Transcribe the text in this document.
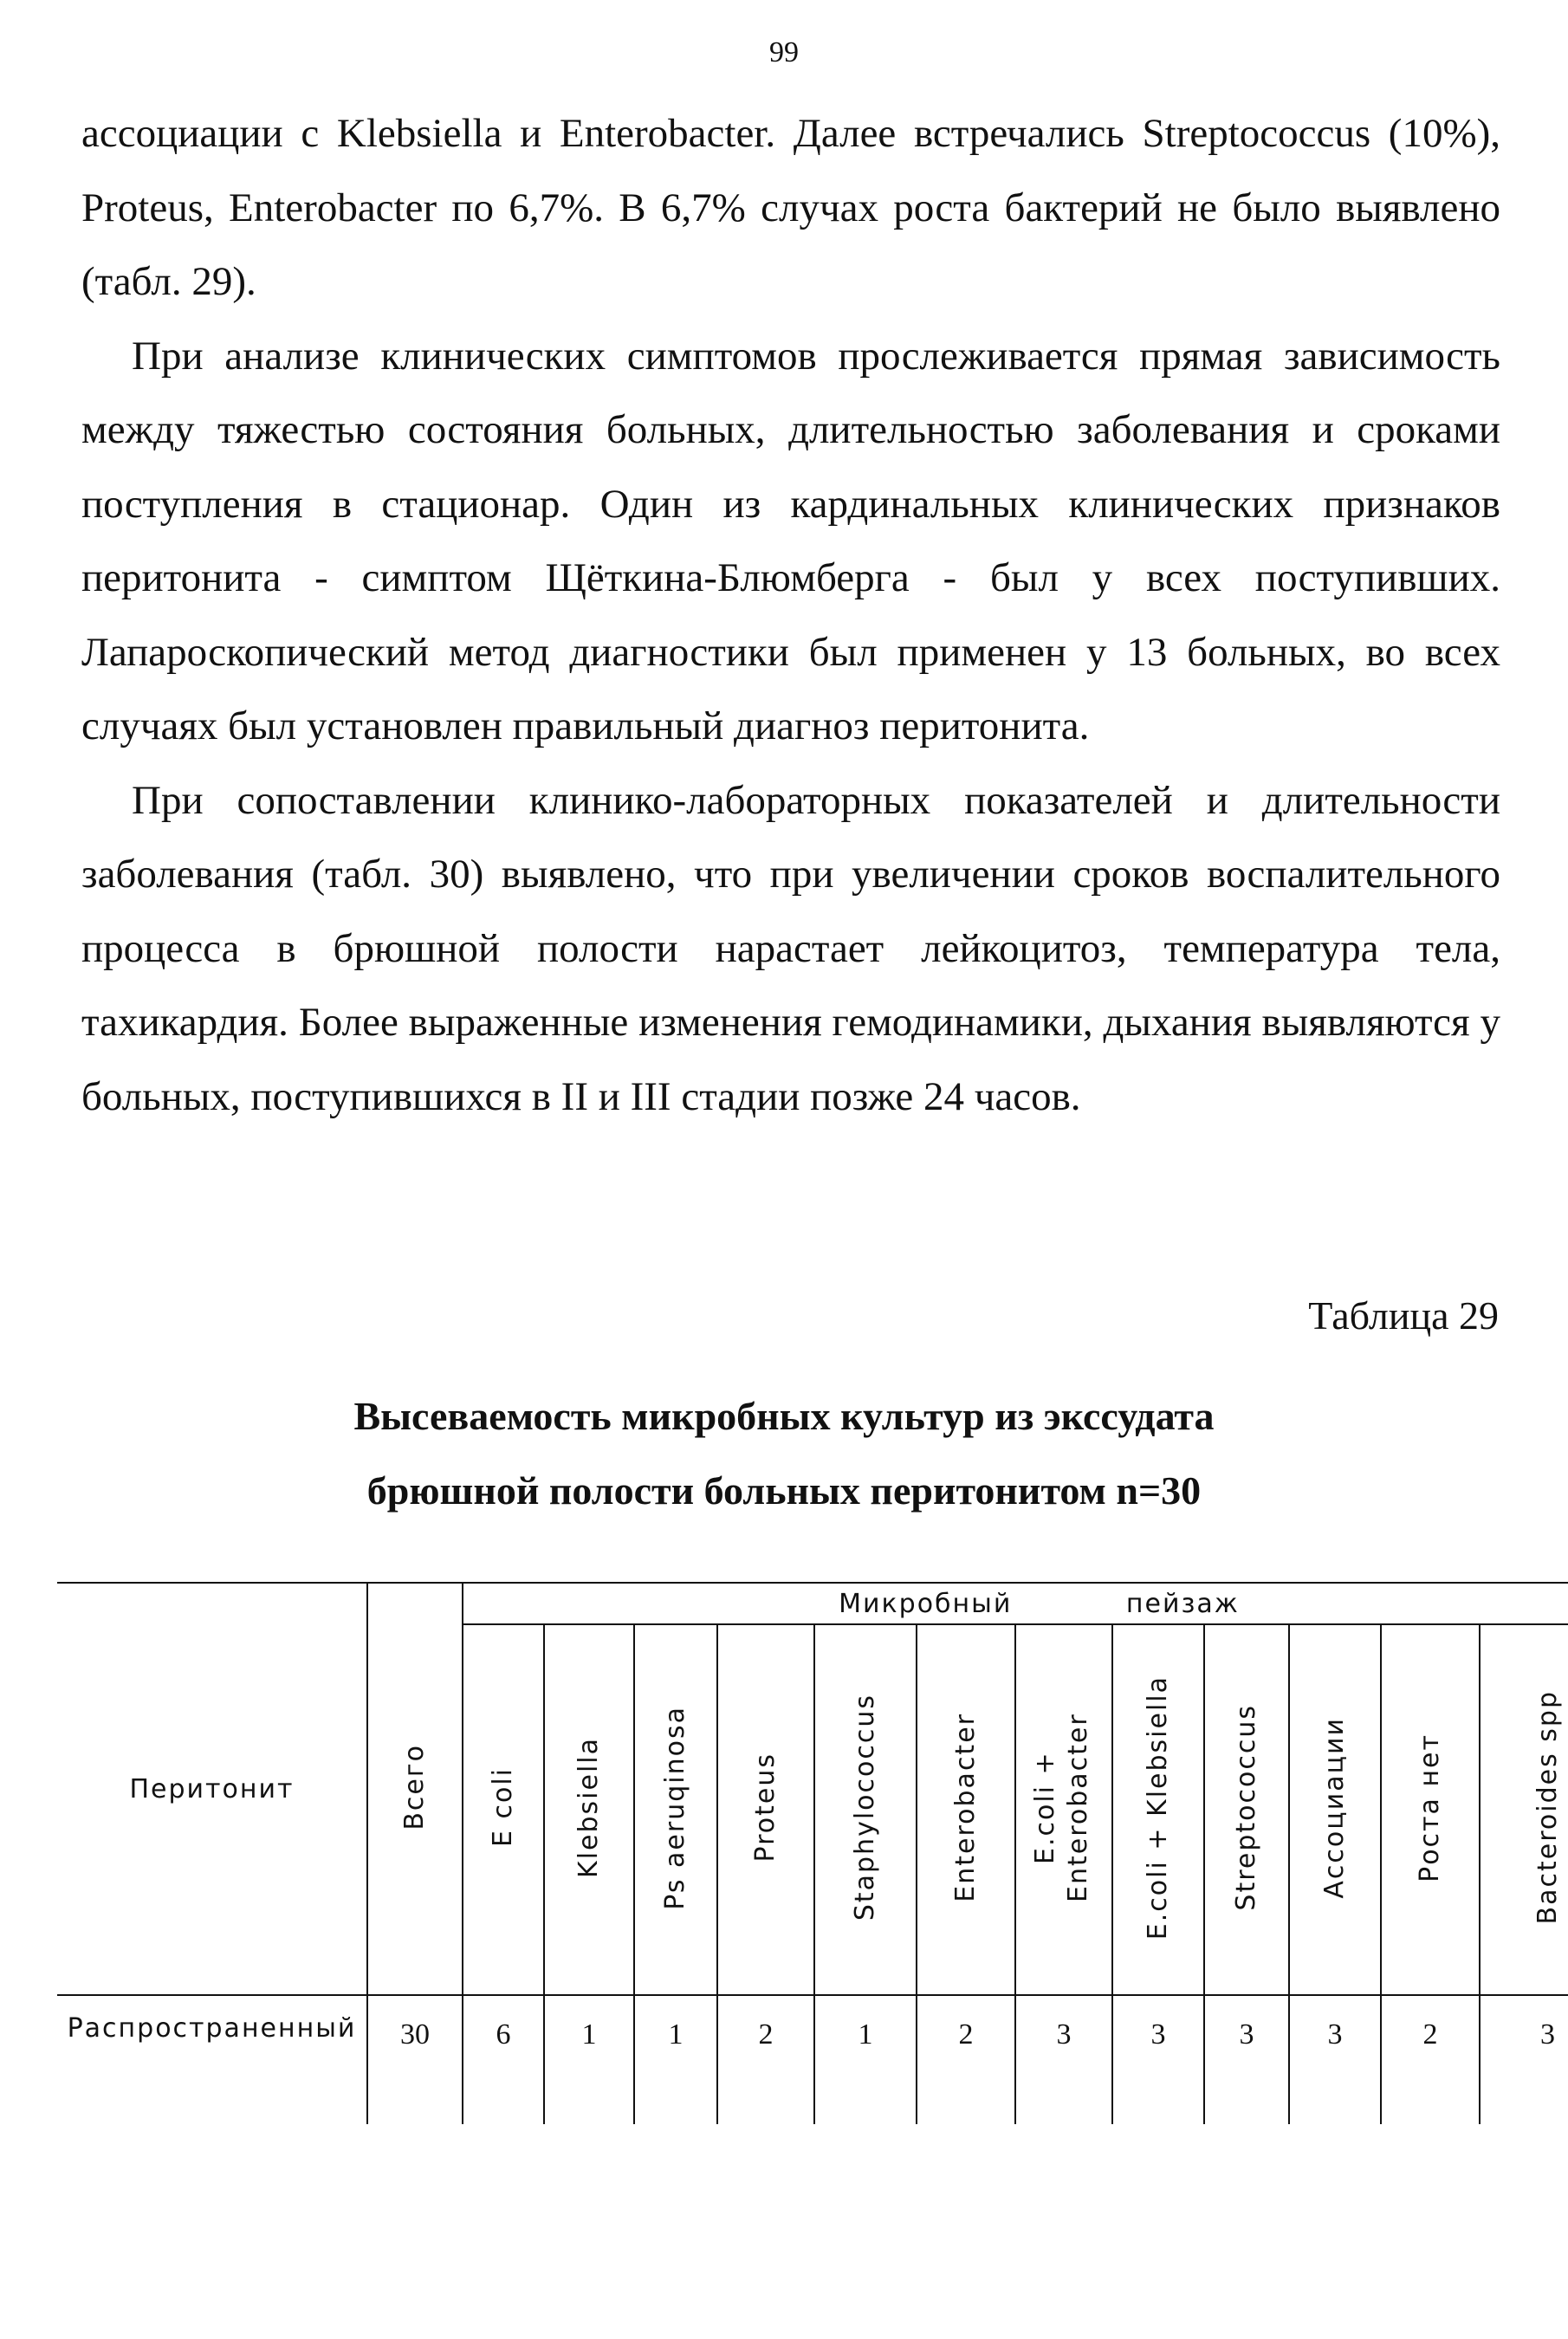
99

ассоциации с Klebsiella и Enterobacter. Далее встречались Streptococcus (10%), Proteus, Enterobacter по 6,7%. В 6,7% случах роста бактерий не было выявлено (табл. 29).

При анализе клинических симптомов прослеживается прямая зависимость между тяжестью состояния больных, длительностью заболевания и сроками поступления в стационар. Один из кардинальных клинических признаков перитонита - симптом Щёткина-Блюмберга - был у всех поступивших. Лапароскопический метод диагностики был применен у 13 больных, во всех случаях был установлен правильный диагноз перитонита.

При сопоставлении клинико-лабораторных показателей и длительности заболевания (табл. 30) выявлено, что при увеличении сроков воспалительного процесса в брюшной полости нарастает лейкоцитоз, температура тела, тахикардия. Более выраженные изменения гемодинамики, дыхания выявляются у больных, поступившихся в II и III стадии позже 24 часов.

Таблица 29
Высеваемость микробных культур из экссудата
брюшной полости больных перитонитом n=30
Перитонит	Всего	Микробный пейзаж											
		E coli	Klebsiella	Ps aeruqinosa	Proteus	Staphylococcus	Enterobacter	E.coli + Enterobacter	E.coli + Klebsiella	Streptococcus	Ассоциации	Роста нет	Bacteroides spp
Распространенный	30	6	1	1	2	1	2	3	3	3	3	2	3
